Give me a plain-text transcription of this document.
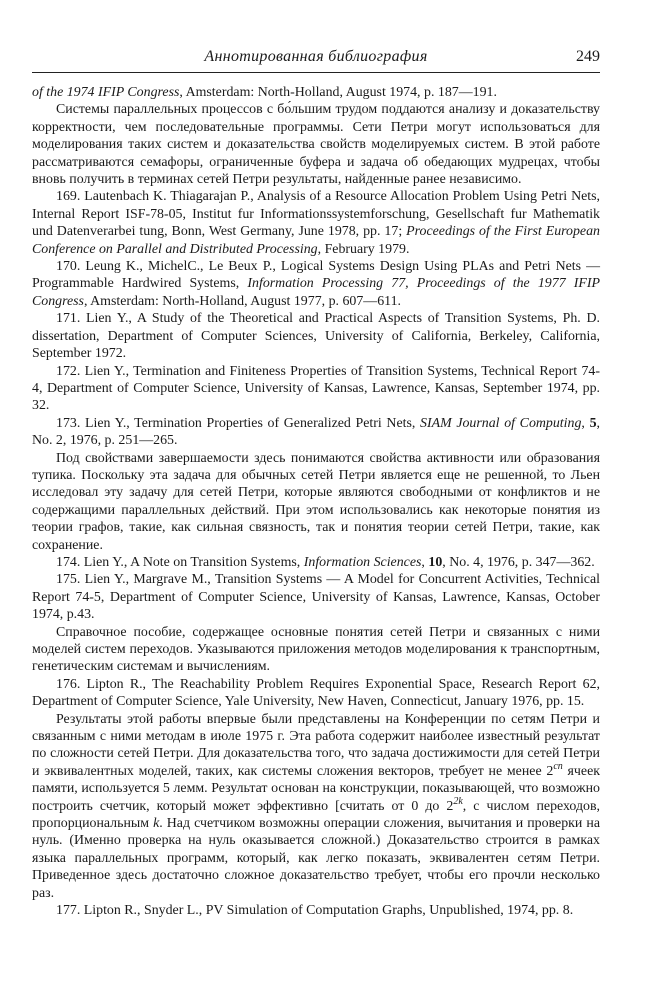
Аннотированная библиография	249

of the 1974 IFIP Congress, Amsterdam: North-Holland, August 1974, p. 187—191.

Системы параллельных процессов с бо́льшим трудом поддаются анализу и доказательству корректности, чем последовательные программы. Сети Петри могут использоваться для моделирования таких систем и доказательства свойств моделируемых систем. В этой работе рассматриваются семафоры, ограниченные буфера и задача об обедающих мудрецах, чтобы вновь получить в терминах сетей Петри результаты, найденные ранее независимо.

169. Lautenbach K. Thiagarajan P., Analysis of a Resource Allocation Problem Using Petri Nets, Internal Report ISF-78-05, Institut fur Informationssystemforschung, Gesellschaft fur Mathematik und Datenverarbei tung, Bonn, West Germany, June 1978, pp. 17; Proceedings of the First European Conference on Parallel and Distributed Processing, February 1979.

170. Leung K., MichelC., Le Beux P., Logical Systems Design Using PLAs and Petri Nets — Programmable Hardwired Systems, Information Processing 77, Proceedings of the 1977 IFIP Congress, Amsterdam: North-Holland, August 1977, p. 607—611.

171. Lien Y., A Study of the Theoretical and Practical Aspects of Transition Systems, Ph. D. dissertation, Department of Computer Sciences, University of California, Berkeley, California, September 1972.

172. Lien Y., Termination and Finiteness Properties of Transition Systems, Technical Report 74-4, Department of Computer Science, University of Kansas, Lawrence, Kansas, September 1974, pp. 32.

173. Lien Y., Termination Properties of Generalized Petri Nets, SIAM Journal of Computing, 5, No. 2, 1976, p. 251—265.

Под свойствами завершаемости здесь понимаются свойства активности или образования тупика. Поскольку эта задача для обычных сетей Петри является еще не решенной, то Льен исследовал эту задачу для сетей Петри, которые являются свободными от конфликтов и не содержащими параллельных действий. При этом использовались как некоторые понятия из теории графов, такие, как сильная связность, так и понятия теории сетей Петри, такие, как сохранение.

174. Lien Y., A Note on Transition Systems, Information Sciences, 10, No. 4, 1976, p. 347—362.

175. Lien Y., Margrave M., Transition Systems — A Model for Concurrent Activities, Technical Report 74-5, Department of Computer Science, University of Kansas, Lawrence, Kansas, October 1974, p.43.

Справочное пособие, содержащее основные понятия сетей Петри и связанных с ними моделей систем переходов. Указываются приложения методов моделирования к транспортным, генетическим системам и вычислениям.

176. Lipton R., The Reachability Problem Requires Exponential Space, Research Report 62, Department of Computer Science, Yale University, New Haven, Connecticut, January 1976, pp. 15.

Результаты этой работы впервые были представлены на Конференции по сетям Петри и связанным с ними методам в июле 1975 г. Эта работа содержит наиболее известный результат по сложности сетей Петри. Для доказательства того, что задача достижимости для сетей Петри и эквивалентных моделей, таких, как системы сложения векторов, требует не менее $2^{cn}$ ячеек памяти, используется 5 лемм. Результат основан на конструкции, показывающей, что возможно построить счетчик, который может эффективно [считать от 0 до $2^{2k}$, с числом переходов, пропорциональным k. Над счетчиком возможны операции сложения, вычитания и проверки на нуль. (Именно проверка на нуль оказывается сложной.) Доказательство строится в рамках языка параллельных программ, который, как легко показать, эквивалентен сетям Петри. Приведенное здесь достаточно сложное доказательство требует, чтобы его прочли несколько раз.

177. Lipton R., Snyder L., PV Simulation of Computation Graphs, Unpublished, 1974, pp. 8.
